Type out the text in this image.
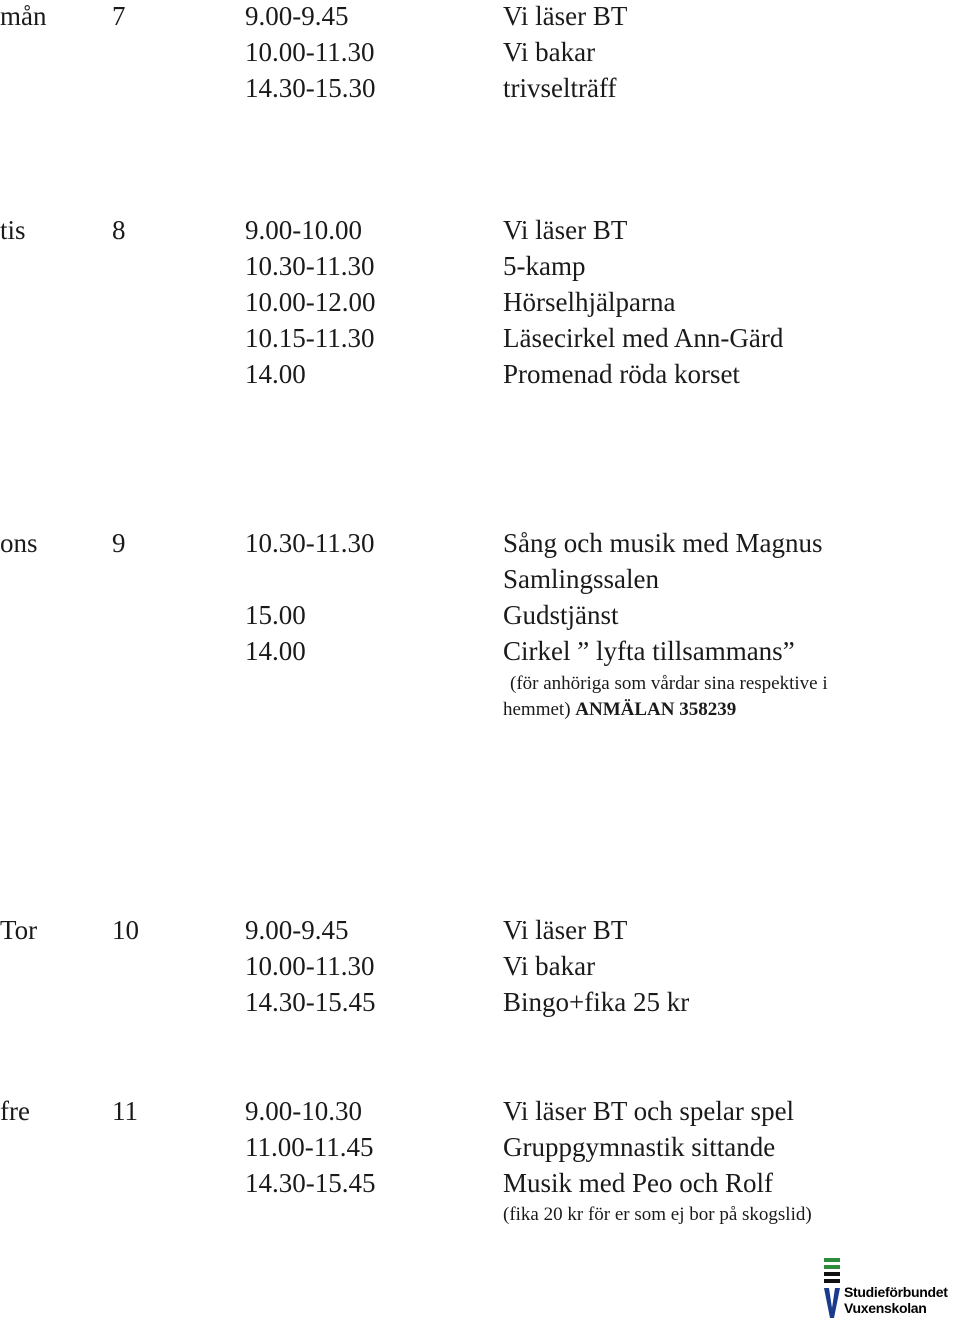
mån 7	9.00-9.45	Vi läser BT
10.00-11.30	Vi bakar
14.30-15.30	trivselträff
tis	8	9.00-10.00	Vi läser BT
10.30-11.30	5-kamp
10.00-12.00	Hörselhjälparna
10.15-11.30	Läsecirkel med Ann-Gärd
14.00	Promenad röda korset
ons	9	10.30-11.30	Sång och musik med Magnus
Samlingssalen
15.00	Gudstjänst
14.00	Cirkel ” lyfta tillsammans”
(för anhöriga som vårdar sina respektive i
hemmet) ANMÄLAN 358239
Tor	10	9.00-9.45	Vi läser BT
10.00-11.30	Vi bakar
14.30-15.45	Bingo+fika 25 kr
fre	11	9.00-10.30	Vi läser BT och spelar spel
11.00-11.45	Gruppgymnastik sittande
14.30-15.45	Musik med Peo och Rolf
(fika 20 kr för er som ej bor på skogslid)
Studieförbundet
Vuxenskolan
